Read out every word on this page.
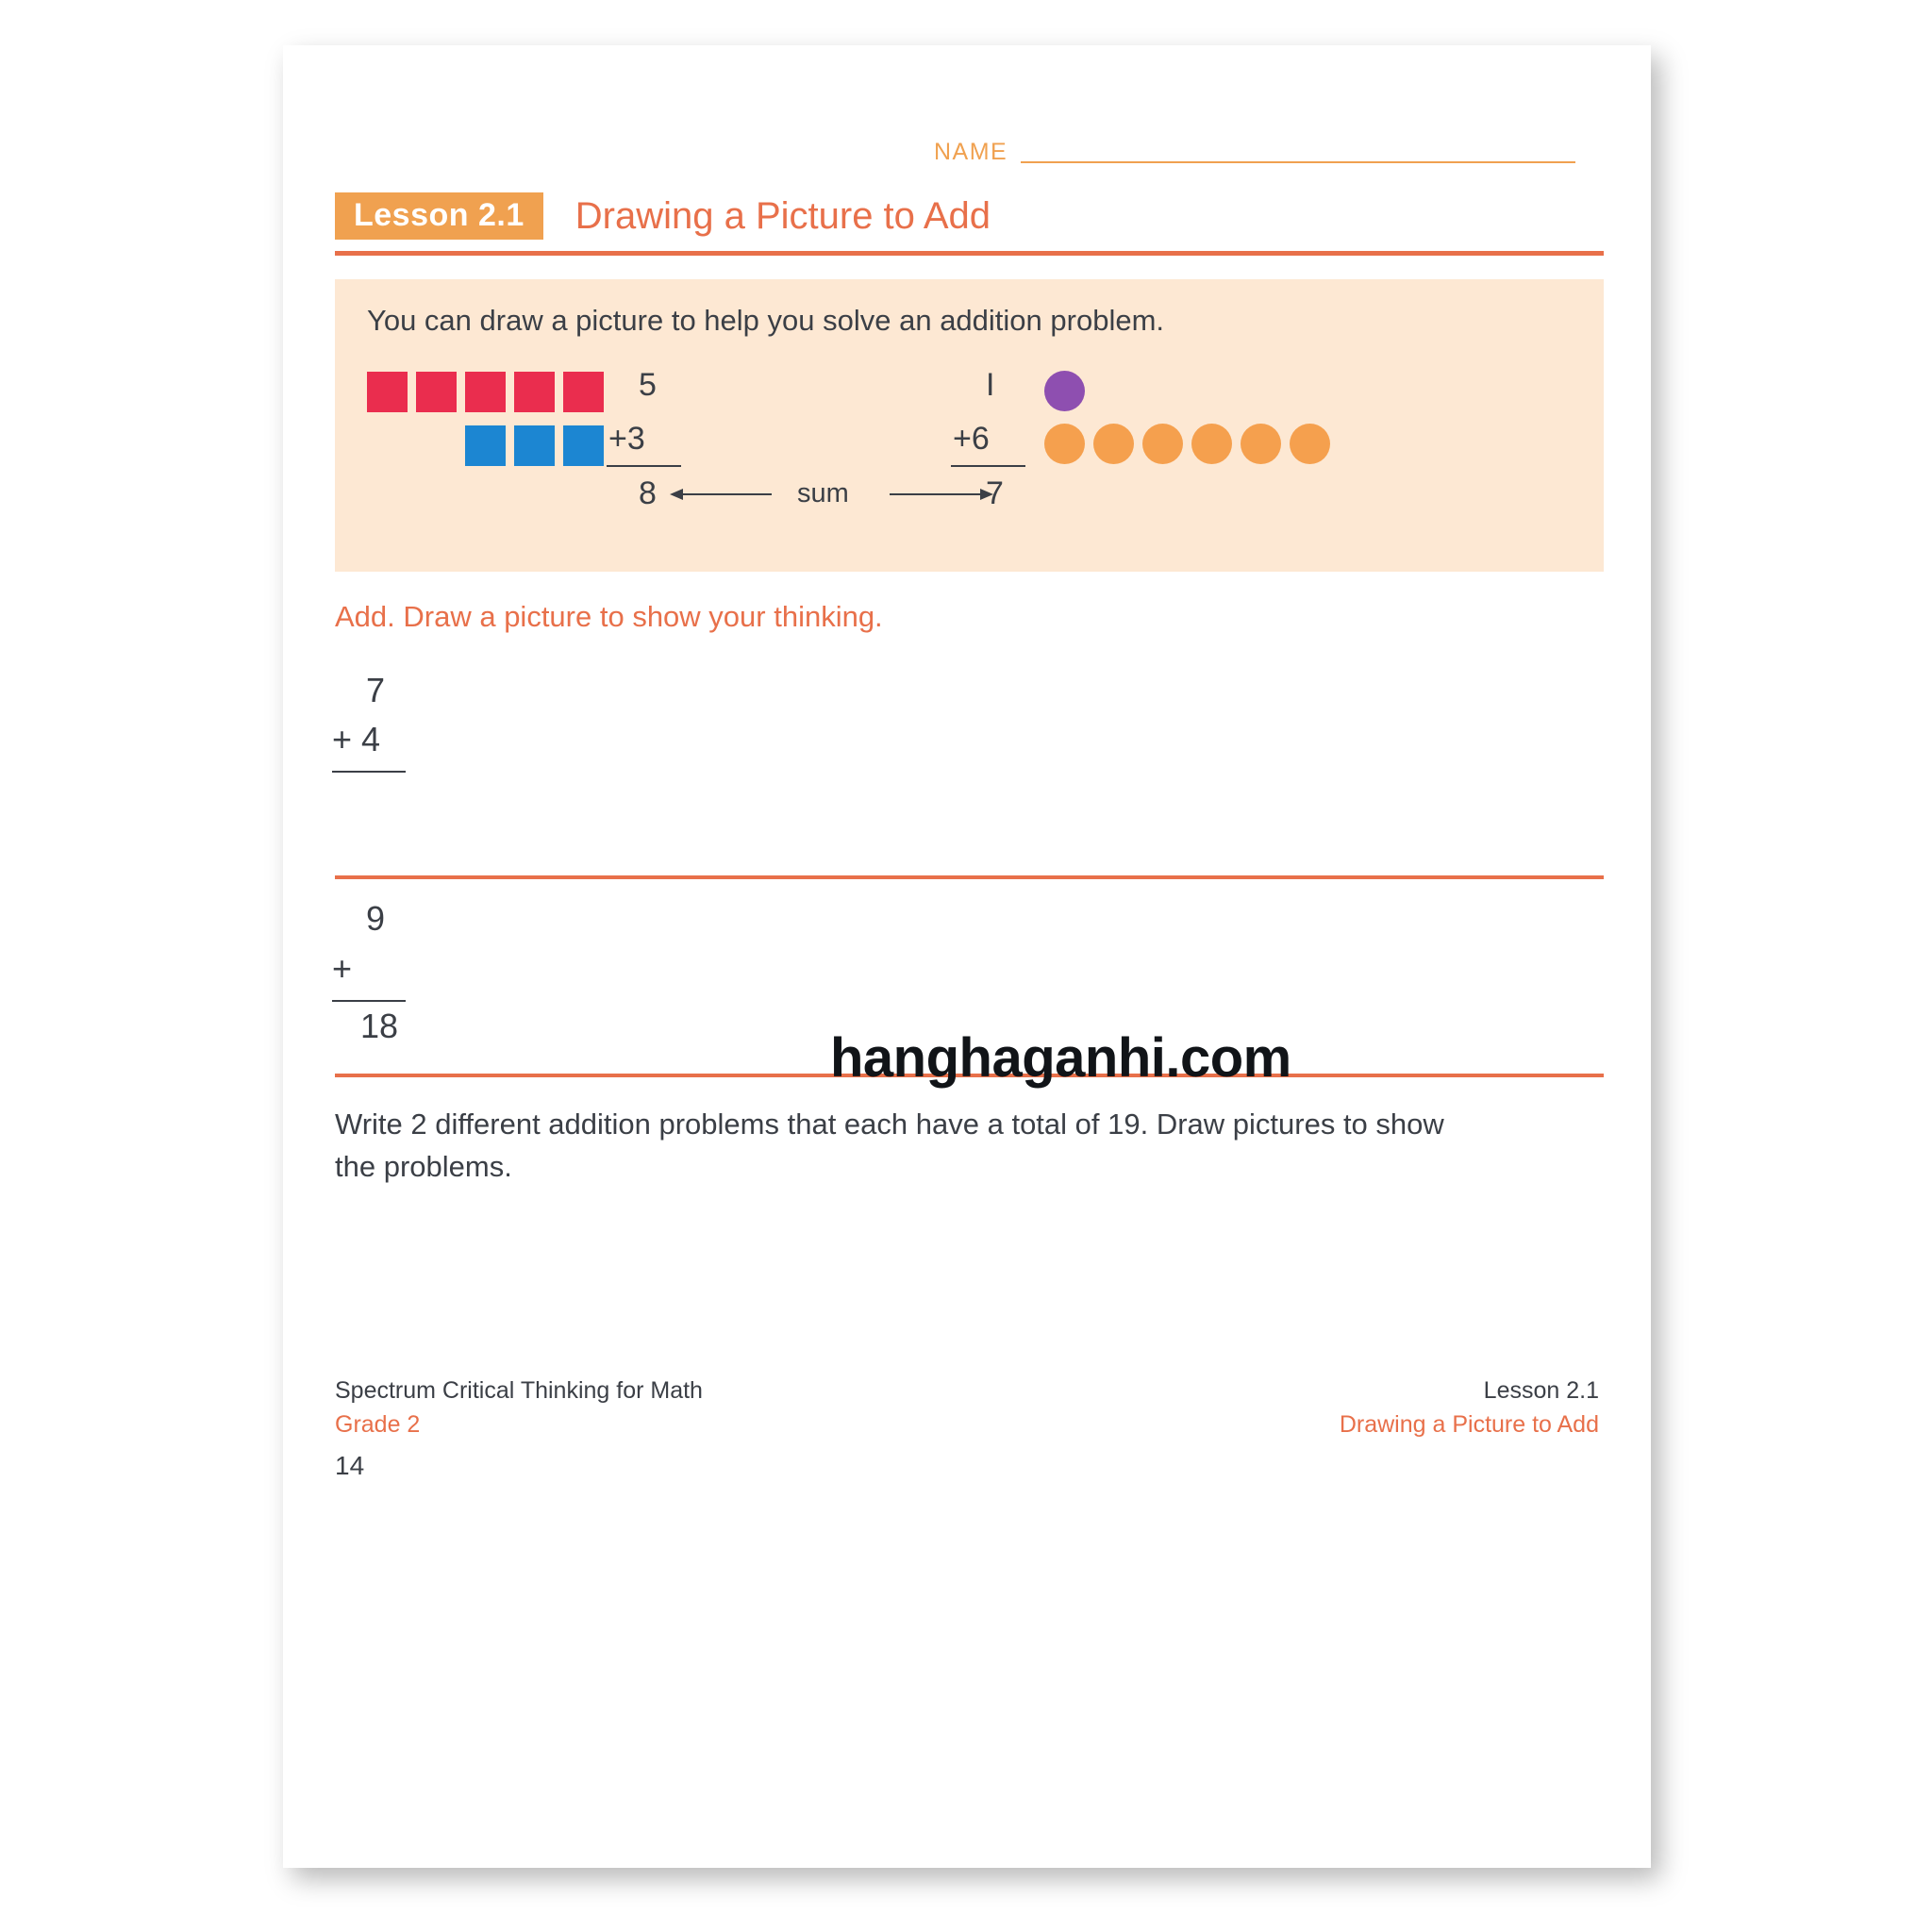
NAME
Lesson 2.1	Drawing a Picture to Add
You can draw a picture to help you solve an addition problem.
5
+3
8	sum
I
+6
7
Add. Draw a picture to show your thinking.
7
+ 4
9
+
18
Write 2 different addition problems that each have a total of 19. Draw pictures to show the problems.
Spectrum Critical Thinking for Math
Grade 2
14
Lesson 2.1
Drawing a Picture to Add
hanghaganhi.com
